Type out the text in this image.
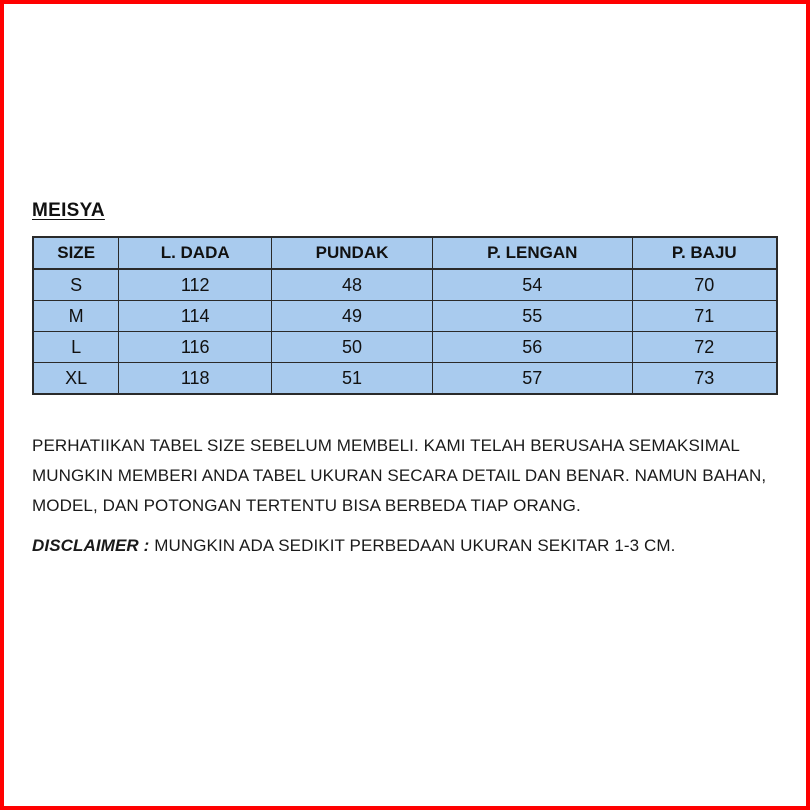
MEISYA
SIZE	L. DADA	PUNDAK	P. LENGAN	P. BAJU
S	112	48	54	70
M	114	49	55	71
L	116	50	56	72
XL	118	51	57	73

PERHATIIKAN TABEL SIZE SEBELUM MEMBELI. KAMI TELAH BERUSAHA SEMAKSIMAL MUNGKIN MEMBERI ANDA TABEL UKURAN SECARA DETAIL DAN BENAR. NAMUN BAHAN, MODEL, DAN POTONGAN TERTENTU BISA BERBEDA TIAP ORANG.

DISCLAIMER : MUNGKIN ADA SEDIKIT PERBEDAAN UKURAN SEKITAR 1-3 CM.
